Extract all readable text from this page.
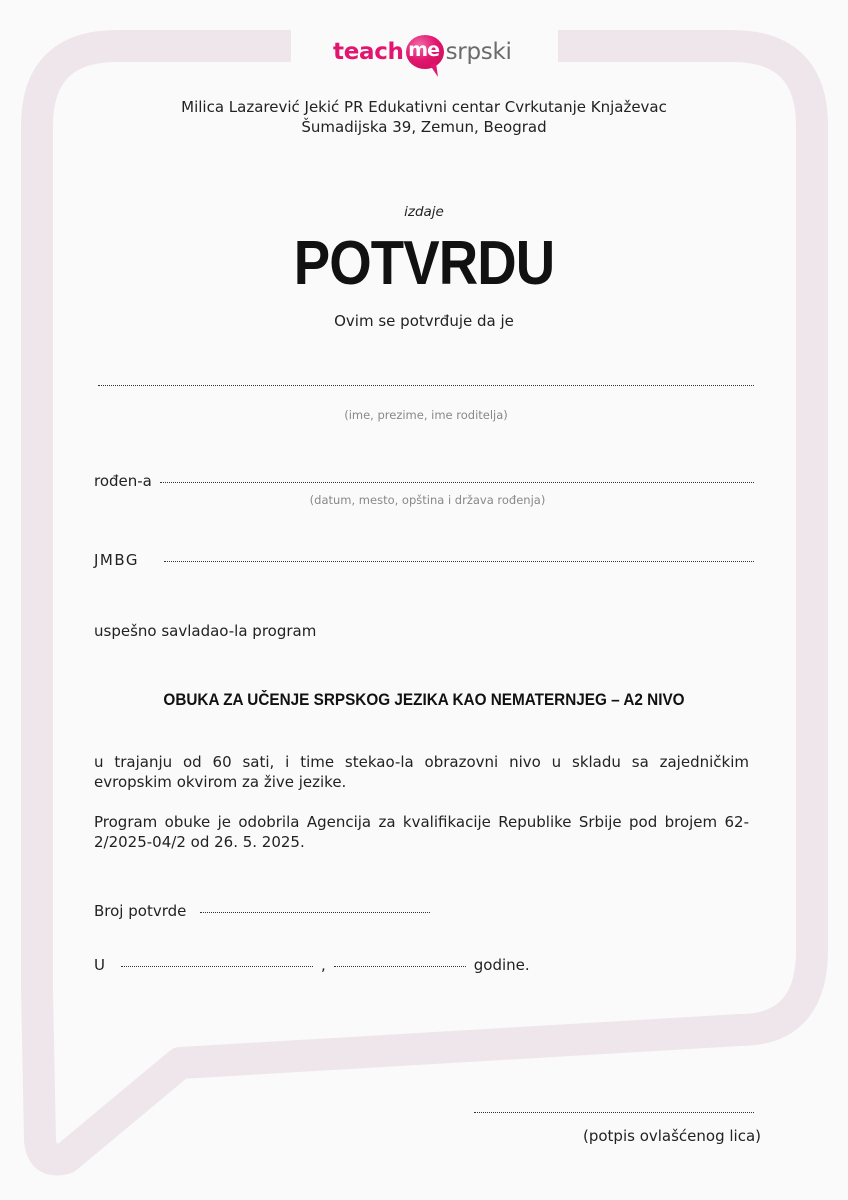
teach me srpski
Milica Lazarević Jekić PR Edukativni centar Cvrkutanje Knjaževac
Šumadijska 39, Zemun, Beograd
izdaje
POTVRDU
Ovim se potvrđuje da je
(ime, prezime, ime roditelja)
rođen-a
(datum, mesto, opština i država rođenja)
JMBG
uspešno savladao-la program
OBUKA ZA UČENJE SRPSKOG JEZIKA KAO NEMATERNJEG – A2 NIVO
u trajanju od 60 sati, i time stekao-la obrazovni nivo u skladu sa zajedničkim evropskim okvirom za žive jezike.
Program obuke je odobrila Agencija za kvalifikacije Republike Srbije pod brojem 62-2/2025-04/2 od 26. 5. 2025.
Broj potvrde
U	,	godine.
(potpis ovlašćenog lica)
